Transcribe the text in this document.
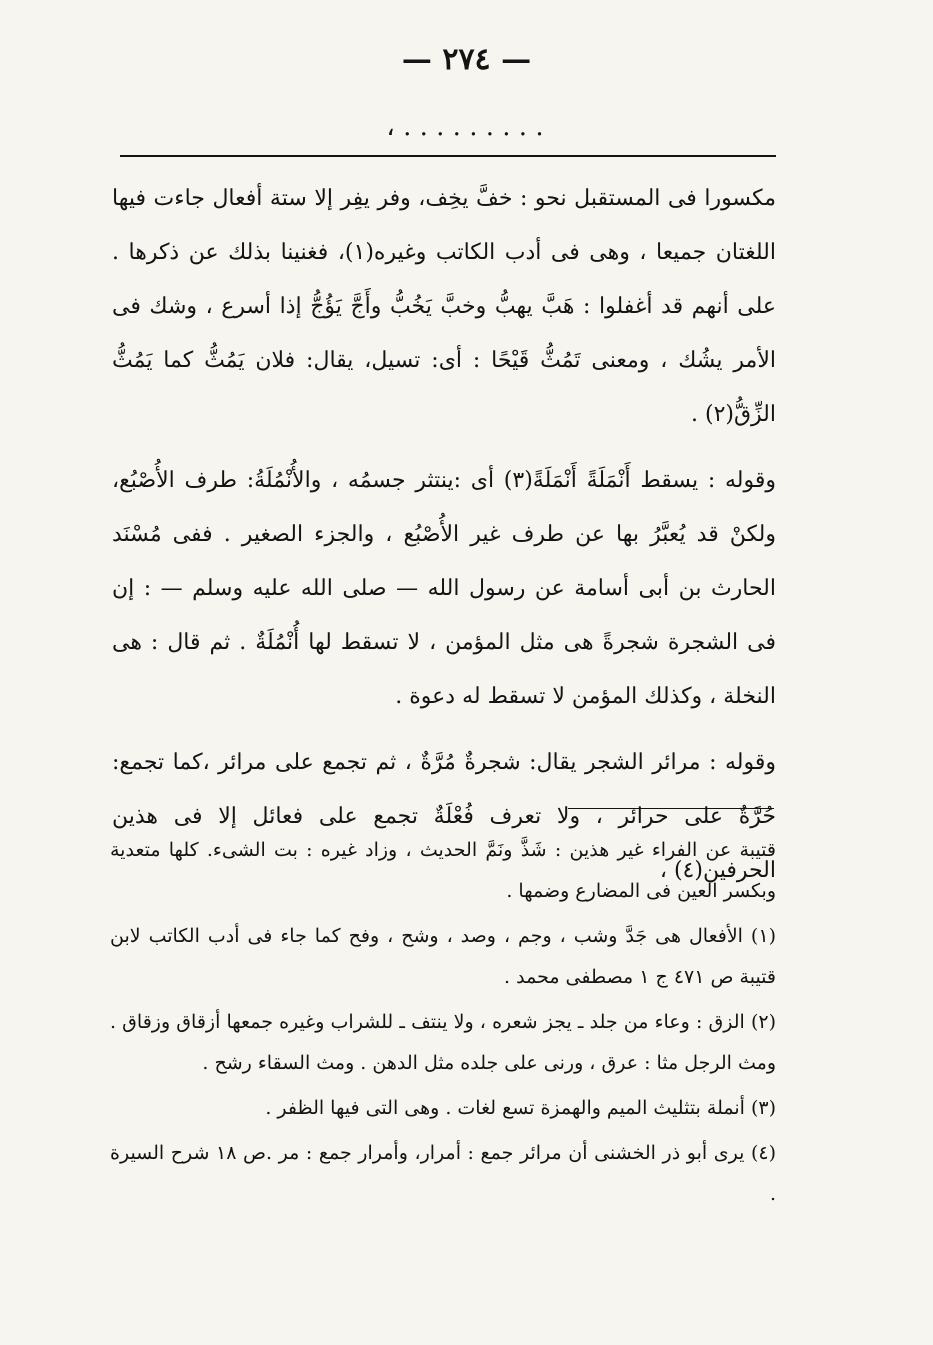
— ٢٧٤ —
، . . . . . . . . .

مكسورا فى المستقبل نحو : خفَّ يخِف، وفر يفِر إلا ستة أفعال جاءت فيها اللغتان جميعا ، وهى فى أدب الكاتب وغيره(١)، فغنينا بذلك عن ذكرها . على أنهم قد أغفلوا : هَبَّ يهبُّ وخبَّ يَخُبُّ وأَجَّ يَؤُجُّ إذا أسرع ، وشك فى الأمر يشُك ، ومعنى تَمُثُّ قَيْحًا : أى: تسيل، يقال: فلان يَمُثُّ كما يَمُثُّ الزِّقُّ(٢) .

وقوله : يسقط أَنْمَلَةً أَنْمَلَةً(٣) أى :ينتثر جسمُه ، والأُنْمُلَةُ: طرف الأُصْبُع، ولكنْ قد يُعبَّرُ بها عن طرف غير الأُصْبُع ، والجزء الصغير . ففى مُسْنَد الحارث بن أبى أسامة عن رسول الله — صلى الله عليه وسلم — : إن فى الشجرة شجرةً هى مثل المؤمن ، لا تسقط لها أُنْمُلَةٌ . ثم قال : هى النخلة ، وكذلك المؤمن لا تسقط له دعوة .

وقوله : مرائر الشجر يقال: شجرةٌ مُرَّةٌ ، ثم تجمع على مرائر ،كما تجمع: حُرَّةٌ على حرائر ، ولا تعرف فُعْلَةٌ تجمع على فعائل إلا فى هذين الحرفين(٤) ،

قتيبة عن الفراء غير هذين : شَذَّ ونَمَّ الحديث ، وزاد غيره : بت الشىء. كلها متعدية وبكسر العين فى المضارع وضمها .

(١) الأفعال هى جَدَّ وشب ، وجم ، وصد ، وشح ، وفح كما جاء فى أدب الكاتب لابن قتيبة ص ٤٧١ ج ١ مصطفى محمد .

(٢) الزق : وعاء من جلد ـ يجز شعره ، ولا ينتف ـ للشراب وغيره جمعها أزقاق وزقاق . ومث الرجل مثا : عرق ، ورنى على جلده مثل الدهن . ومث السقاء رشح .

(٣) أنملة بتثليث الميم والهمزة تسع لغات . وهى التى فيها الظفر .

(٤) يرى أبو ذر الخشنى أن مرائر جمع : أمرار، وأمرار جمع : مر .ص ١٨ شرح السيرة .
